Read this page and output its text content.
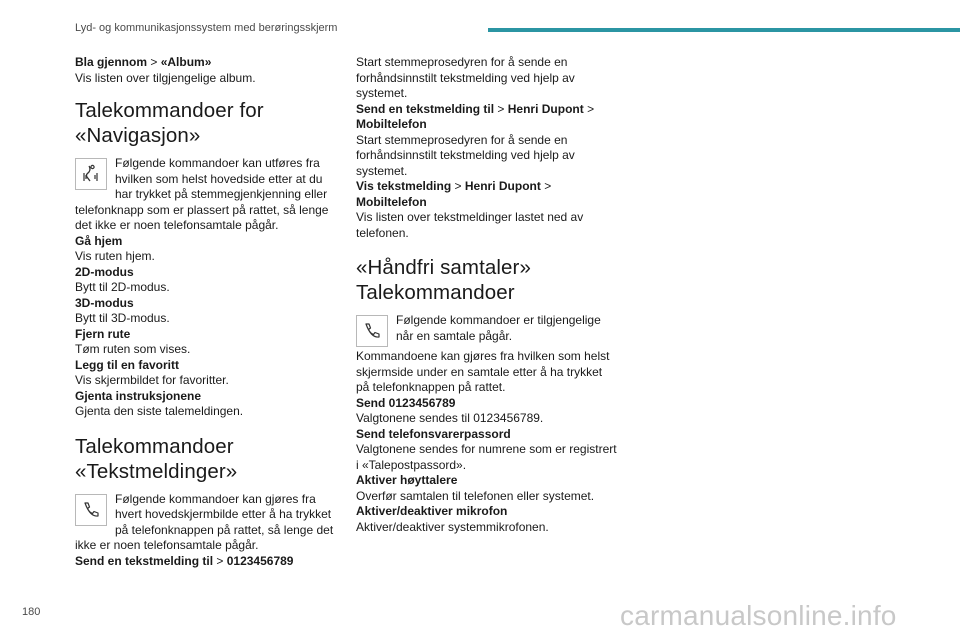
Lyd- og kommunikasjonssystem med berøringsskjerm
Bla gjennom > «Album»
Vis listen over tilgjengelige album.
Talekommandoer for
«Navigasjon»
Følgende kommandoer kan utføres fra hvilken som helst hovedside etter at du har trykket på stemmegjenkjenning eller telefonknapp som er plassert på rattet, så lenge det ikke er noen telefonsamtale pågår.
Gå hjem
Vis ruten hjem.
2D-modus
Bytt til 2D-modus.
3D-modus
Bytt til 3D-modus.
Fjern rute
Tøm ruten som vises.
Legg til en favoritt
Vis skjermbildet for favoritter.
Gjenta instruksjonene
Gjenta den siste talemeldingen.
Talekommandoer
«Tekstmeldinger»
Følgende kommandoer kan gjøres fra hvert hovedskjermbilde etter å ha trykket på telefonknappen på rattet, så lenge det ikke er noen telefonsamtale pågår.
Send en tekstmelding til > 0123456789
Start stemmeprosedyren for å sende en forhåndsinnstilt tekstmelding ved hjelp av systemet.
Send en tekstmelding til > Henri Dupont >
Mobiltelefon
Start stemmeprosedyren for å sende en forhåndsinnstilt tekstmelding ved hjelp av systemet.
Vis tekstmelding > Henri Dupont >
Mobiltelefon
Vis listen over tekstmeldinger lastet ned av telefonen.
«Håndfri samtaler»
Talekommandoer
Følgende kommandoer er tilgjengelige når en samtale pågår.
Kommandoene kan gjøres fra hvilken som helst skjermside under en samtale etter å ha trykket på telefonknappen på rattet.
Send 0123456789
Valgtonene sendes til 0123456789.
Send telefonsvarerpassord
Valgtonene sendes for numrene som er registrert i «Talepostpassord».
Aktiver høyttalere
Overfør samtalen til telefonen eller systemet.
Aktiver/deaktiver mikrofon
Aktiver/deaktiver systemmikrofonen.
180	carmanualsonline.info
